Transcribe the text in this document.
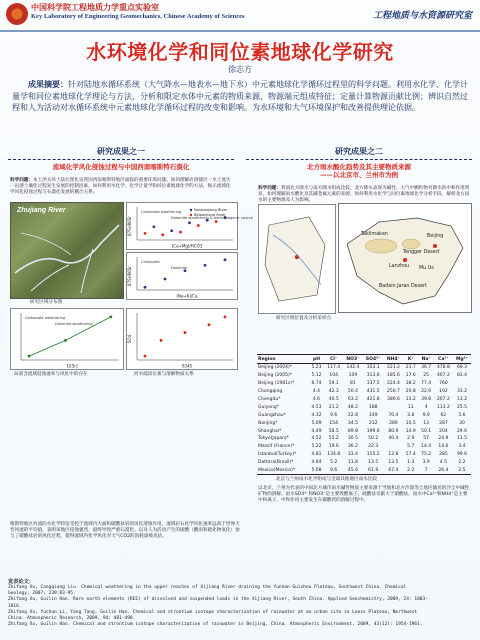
中国科学院工程地质力学重点实验室
Key Laboratory of Engineering Geomechanics, Chinese Academy of Sciences	工程地质与水资源研究室
水环境化学和同位素地球化学研究
徐志方
成果摘要：针对陆地水循环系统（大气降水—地表水—地下水）中元素地球化学循环过程里的科学问题。利用水化学、化学计量学和同位素地球化学理论与方法，分析和限定水体中元素的物质来源、物源端元组成特征；定量计算物源贡献比例；辨识自然过程和人为活动对水循环系统中元素地球化学循环过程的改变和影响。为水环境和大气环境保护和改善提供理论依据。
研究成果之一
流域化学风化侵蚀过程与中国西南喀斯特石漠化
科学问题：本土洪关环土陆壮派化泉我国西南喀斯特地区面临的重要环境问题。如何理解岩溶储层一水土流失一岩溶土壤化过程发生发展的控制因素，如何利用水化学、化学计量学和同位素地球化学的方法，揭示流域化学风化侵蚀过程与石漠化发展的耦合关系。
Zhujiang River
研究区域分布图
(Ca+Mg)/HCO3
87Sr/86Sr
Carbonate weathering
Dolomite weathering & anthropogenic source
Nanpanjiang River
Beipanjiang River
(Na+K)/Ca
87Sr/86Sr
Carbonate
Dolomite
1/[Sr]
Carbonate weathering
Dolomite weathering
δ34S
SO4
局部含流域侵蚀速率与风化中的存在	河水硫同位素与溶解物质关系
喀斯特地区河流的水化学特征受控于流域内大面积碳酸盐岩的风化溶蚀作用。流域岩石化学风化速率远高于世界大型河流的平均值，表明该地区侵蚀强烈，最终导致严重石漠化。以及人为活动产生的硫酸（酸雨和硫化物氧化）参与了碳酸盐岩的风化过程，使得流域内化学风化对大气CO2的消耗量被高估。
研究成果之二
北方雨水酸化趋势及其主要物质来源
——以北京市、兰州市为例
科学问题：我国北方降水与南方降水组成比较，北方降水表现为碱性，大气中颗粒物对降水的中和作用明显。如何理解雨水酸化及其碱金属元素的来源，如何利用水化学与同位素地球化学分析手段，解析北方雨水的主要物源及人为影响。
Beijing
Lanzhou
Tengger Desert
Taklimakan
Badain Jaran Desert
Mu Us
研究区域位置及分析采样点
Region	pH	Cl⁻	NO3⁻	SO4²⁻	NH4⁺	K⁺	Na⁺	Ca²⁺	Mg²⁺
Beijing (2004)*	5.23	117.4	142.4	353.1	221.2	21.7	36.7	478.8	69.3
Beijing (2005)*	5.12	104	109	313.6	185.6	17.6	25	407.2	83.4
Beijing (1981s)*	6.74	59.1	81	337.5	224.4	38.2	77.4	760	
Chongqing	4.4	42.3	50.4	431.5	250.7	20.8	22.6	192	33.2
Chengdu*	4.6	40.5	63.2	421.8	386.6	13.2	39.8	207.2	13.2
Guiyang*	4.53	21.2	48.2	188		11	4	113.2	25.5
Guangzhou*	4.32	9.6	22.8	149	70.4	3.8	9.9	62	5.6
Nanjing*	5.09	154	34.5	212	289	10.5	13	287	30
Shanghai*	4.49	58.5	89.8	199.6	80.9	14.9	50.1	204	29.6
Tokyo(Japan)*	4.52	55.2	30.5	50.2	40.4	2.9	57	24.9	11.5
Massif (France)*	5.22	19.6	36.2	22.3		5.7	14.4	14.6	3.4
Istanbul(Turkey)*	4.81	134.8	33.4	115.2	12.8	57.4	75.2	285	99.6
Dattara(Brazil)*	4.94	5.2	11.8	13.5	13.5	1.3	3.9	4.5	2.2
Mexico(Mexico)*	5.08	9.6	45.6	61.9	67.4	2.2	7	26.4	2.5
北京与兰州雨水化学组成与全球其他地区雨水比较
以北京、兰州为代表的中国北方城市雨水碱性物质主要来源于当地和北方沙漠等土地区输送的沙尘中碱性矿物的溶解。雨水SO4²⁻和NO3⁻是主要致酸离子，硫酸盐贡献大于硝酸盐。雨水中Ca²⁺和NH4⁺是主要中和离子，中和作用主要发生在碳酸钙的溶解过程中。
发表论文：
Zhifang Xu, Congqiang Liu. Chemical weathering in the upper reaches of Xijiang River draining the Yunnan-Guizhou Plateau, Southwest China. Chemical Geology, 2007, 239:83-95.
Zhifang Xu, Guilin Han. Rare earth elements (REE) of dissolved and suspended loads in the Xijiang River, South China. Applied Geochemistry, 2009, 24: 1803-1816.
Zhifang Xu, Yuchun Li, Yang Tang, Guilin Han. Chemical and strontium isotope characterization of rainwater at an urban site in Loess Plateau, Northwest China. Atmospheric Research, 2009, 94: 481-490.
Zhifang Xu, Guilin Han. Chemical and strontium isotope characterization of rainwater in Beijing, China. Atmospheric Environment, 2009, 43(12): 1954-1961.
